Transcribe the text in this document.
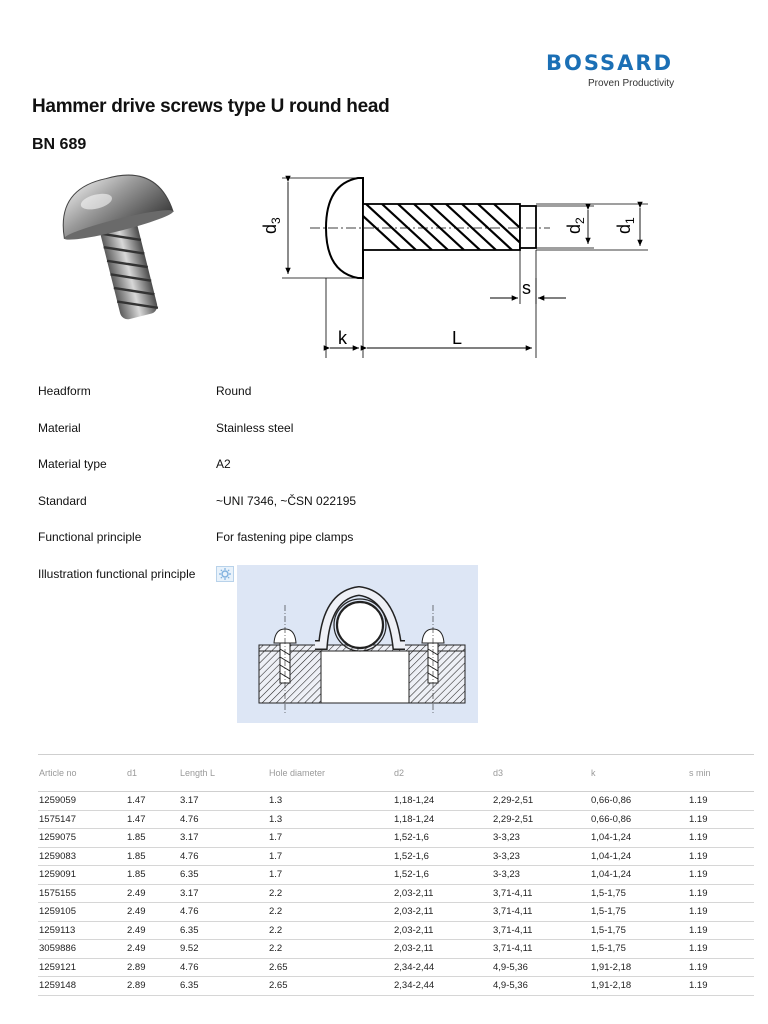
BOSSARD
Proven Productivity
Hammer drive screws type U round head
BN 689
$d_3$
$d_2$
$d_1$
s
k	L
Headform	Round
Material	Stainless steel
Material type	A2
Standard	~UNI 7346, ~ČSN 022195
Functional principle	For fastening pipe clamps
Illustration functional principle
Article no	d1	Length L	Hole diameter	d2	d3	k	s min
1259059	1.47	3.17	1.3	1,18-1,24	2,29-2,51	0,66-0,86	1.19
1575147	1.47	4.76	1.3	1,18-1,24	2,29-2,51	0,66-0,86	1.19
1259075	1.85	3.17	1.7	1,52-1,6	3-3,23	1,04-1,24	1.19
1259083	1.85	4.76	1.7	1,52-1,6	3-3,23	1,04-1,24	1.19
1259091	1.85	6.35	1.7	1,52-1,6	3-3,23	1,04-1,24	1.19
1575155	2.49	3.17	2.2	2,03-2,11	3,71-4,11	1,5-1,75	1.19
1259105	2.49	4.76	2.2	2,03-2,11	3,71-4,11	1,5-1,75	1.19
1259113	2.49	6.35	2.2	2,03-2,11	3,71-4,11	1,5-1,75	1.19
3059886	2.49	9.52	2.2	2,03-2,11	3,71-4,11	1,5-1,75	1.19
1259121	2.89	4.76	2.65	2,34-2,44	4,9-5,36	1,91-2,18	1.19
1259148	2.89	6.35	2.65	2,34-2,44	4,9-5,36	1,91-2,18	1.19
